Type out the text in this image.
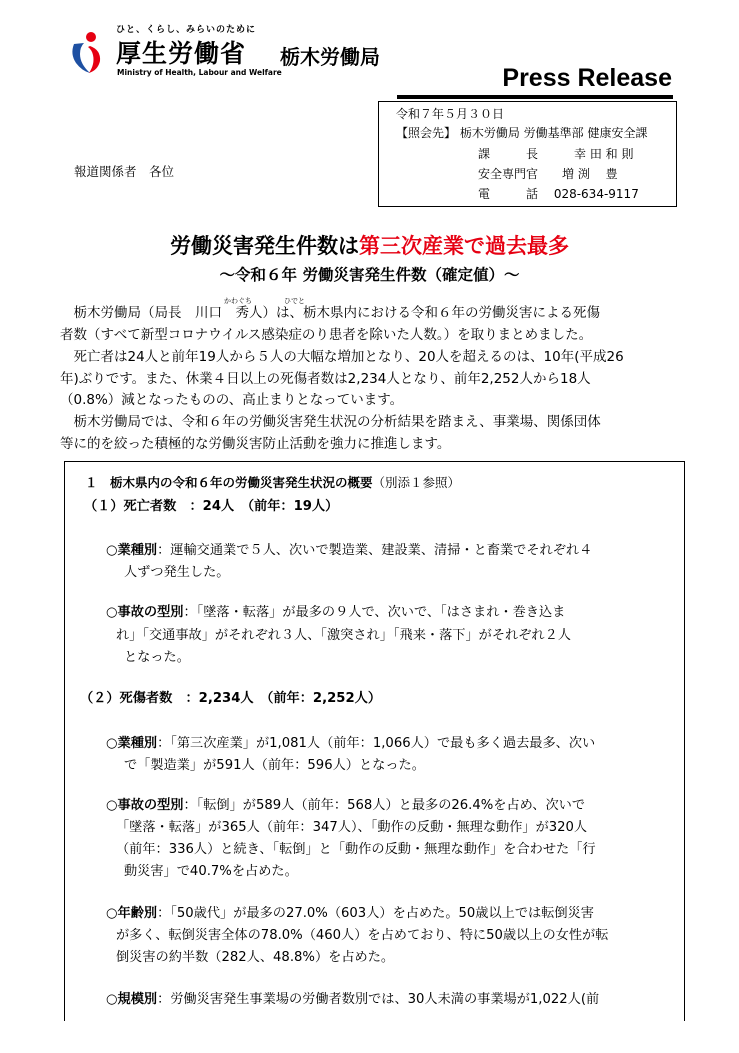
ひと、くらし、みらいのために
厚生労働省 栃木労働局
Ministry of Health, Labour and Welfare	Press Release
令和７年５月３０日
【照会先】 栃木労働局 労働基準部 健康安全課
課　　　長　　　幸 田 和 則
安全専門官　　増 渕　 豊
電　　　話　 028-634-9117
報道関係者　各位
労働災害発生件数は第三次産業で過去最多
～令和６年 労働災害発生件数（確定値）～
かわぐち	ひでと
　栃木労働局（局長　川口　秀人）は、栃木県内における令和６年の労働災害による死傷
者数（すべて新型コロナウイルス感染症のり患者を除いた人数。）を取りまとめました。
　死亡者は24人と前年19人から５人の大幅な増加となり、20人を超えるのは、10年(平成26
年)ぶりです。また、休業４日以上の死傷者数は2,234人となり、前年2,252人から18人
（0.8%）減となったものの、高止まりとなっています。
　栃木労働局では、令和６年の労働災害発生状況の分析結果を踏まえ、事業場、関係団体
等に的を絞った積極的な労働災害防止活動を強力に推進します。
１　栃木県内の令和６年の労働災害発生状況の概要（別添１参照）
（１）死亡者数　：24人　（前年：19人）
○業種別：運輸交通業で５人、次いで製造業、建設業、清掃・と畜業でそれぞれ４
人ずつ発生した。
○事故の型別：「墜落・転落」が最多の９人で、次いで、「はさまれ・巻き込ま
れ」「交通事故」がそれぞれ３人、「激突され」「飛来・落下」がそれぞれ２人
となった。
（２）死傷者数　：2,234人　（前年：2,252人）
○業種別：「第三次産業」が1,081人（前年：1,066人）で最も多く過去最多、次い
で「製造業」が591人（前年：596人）となった。
○事故の型別：「転倒」が589人（前年：568人）と最多の26.4%を占め、次いで
「墜落・転落」が365人（前年：347人）、「動作の反動・無理な動作」が320人
（前年：336人）と続き、「転倒」と「動作の反動・無理な動作」を合わせた「行
動災害」で40.7%を占めた。
○年齢別：「50歳代」が最多の27.0%（603人）を占めた。50歳以上では転倒災害
が多く、転倒災害全体の78.0%（460人）を占めており、特に50歳以上の女性が転
倒災害の約半数（282人、48.8%）を占めた。
○規模別：労働災害発生事業場の労働者数別では、30人未満の事業場が1,022人(前
